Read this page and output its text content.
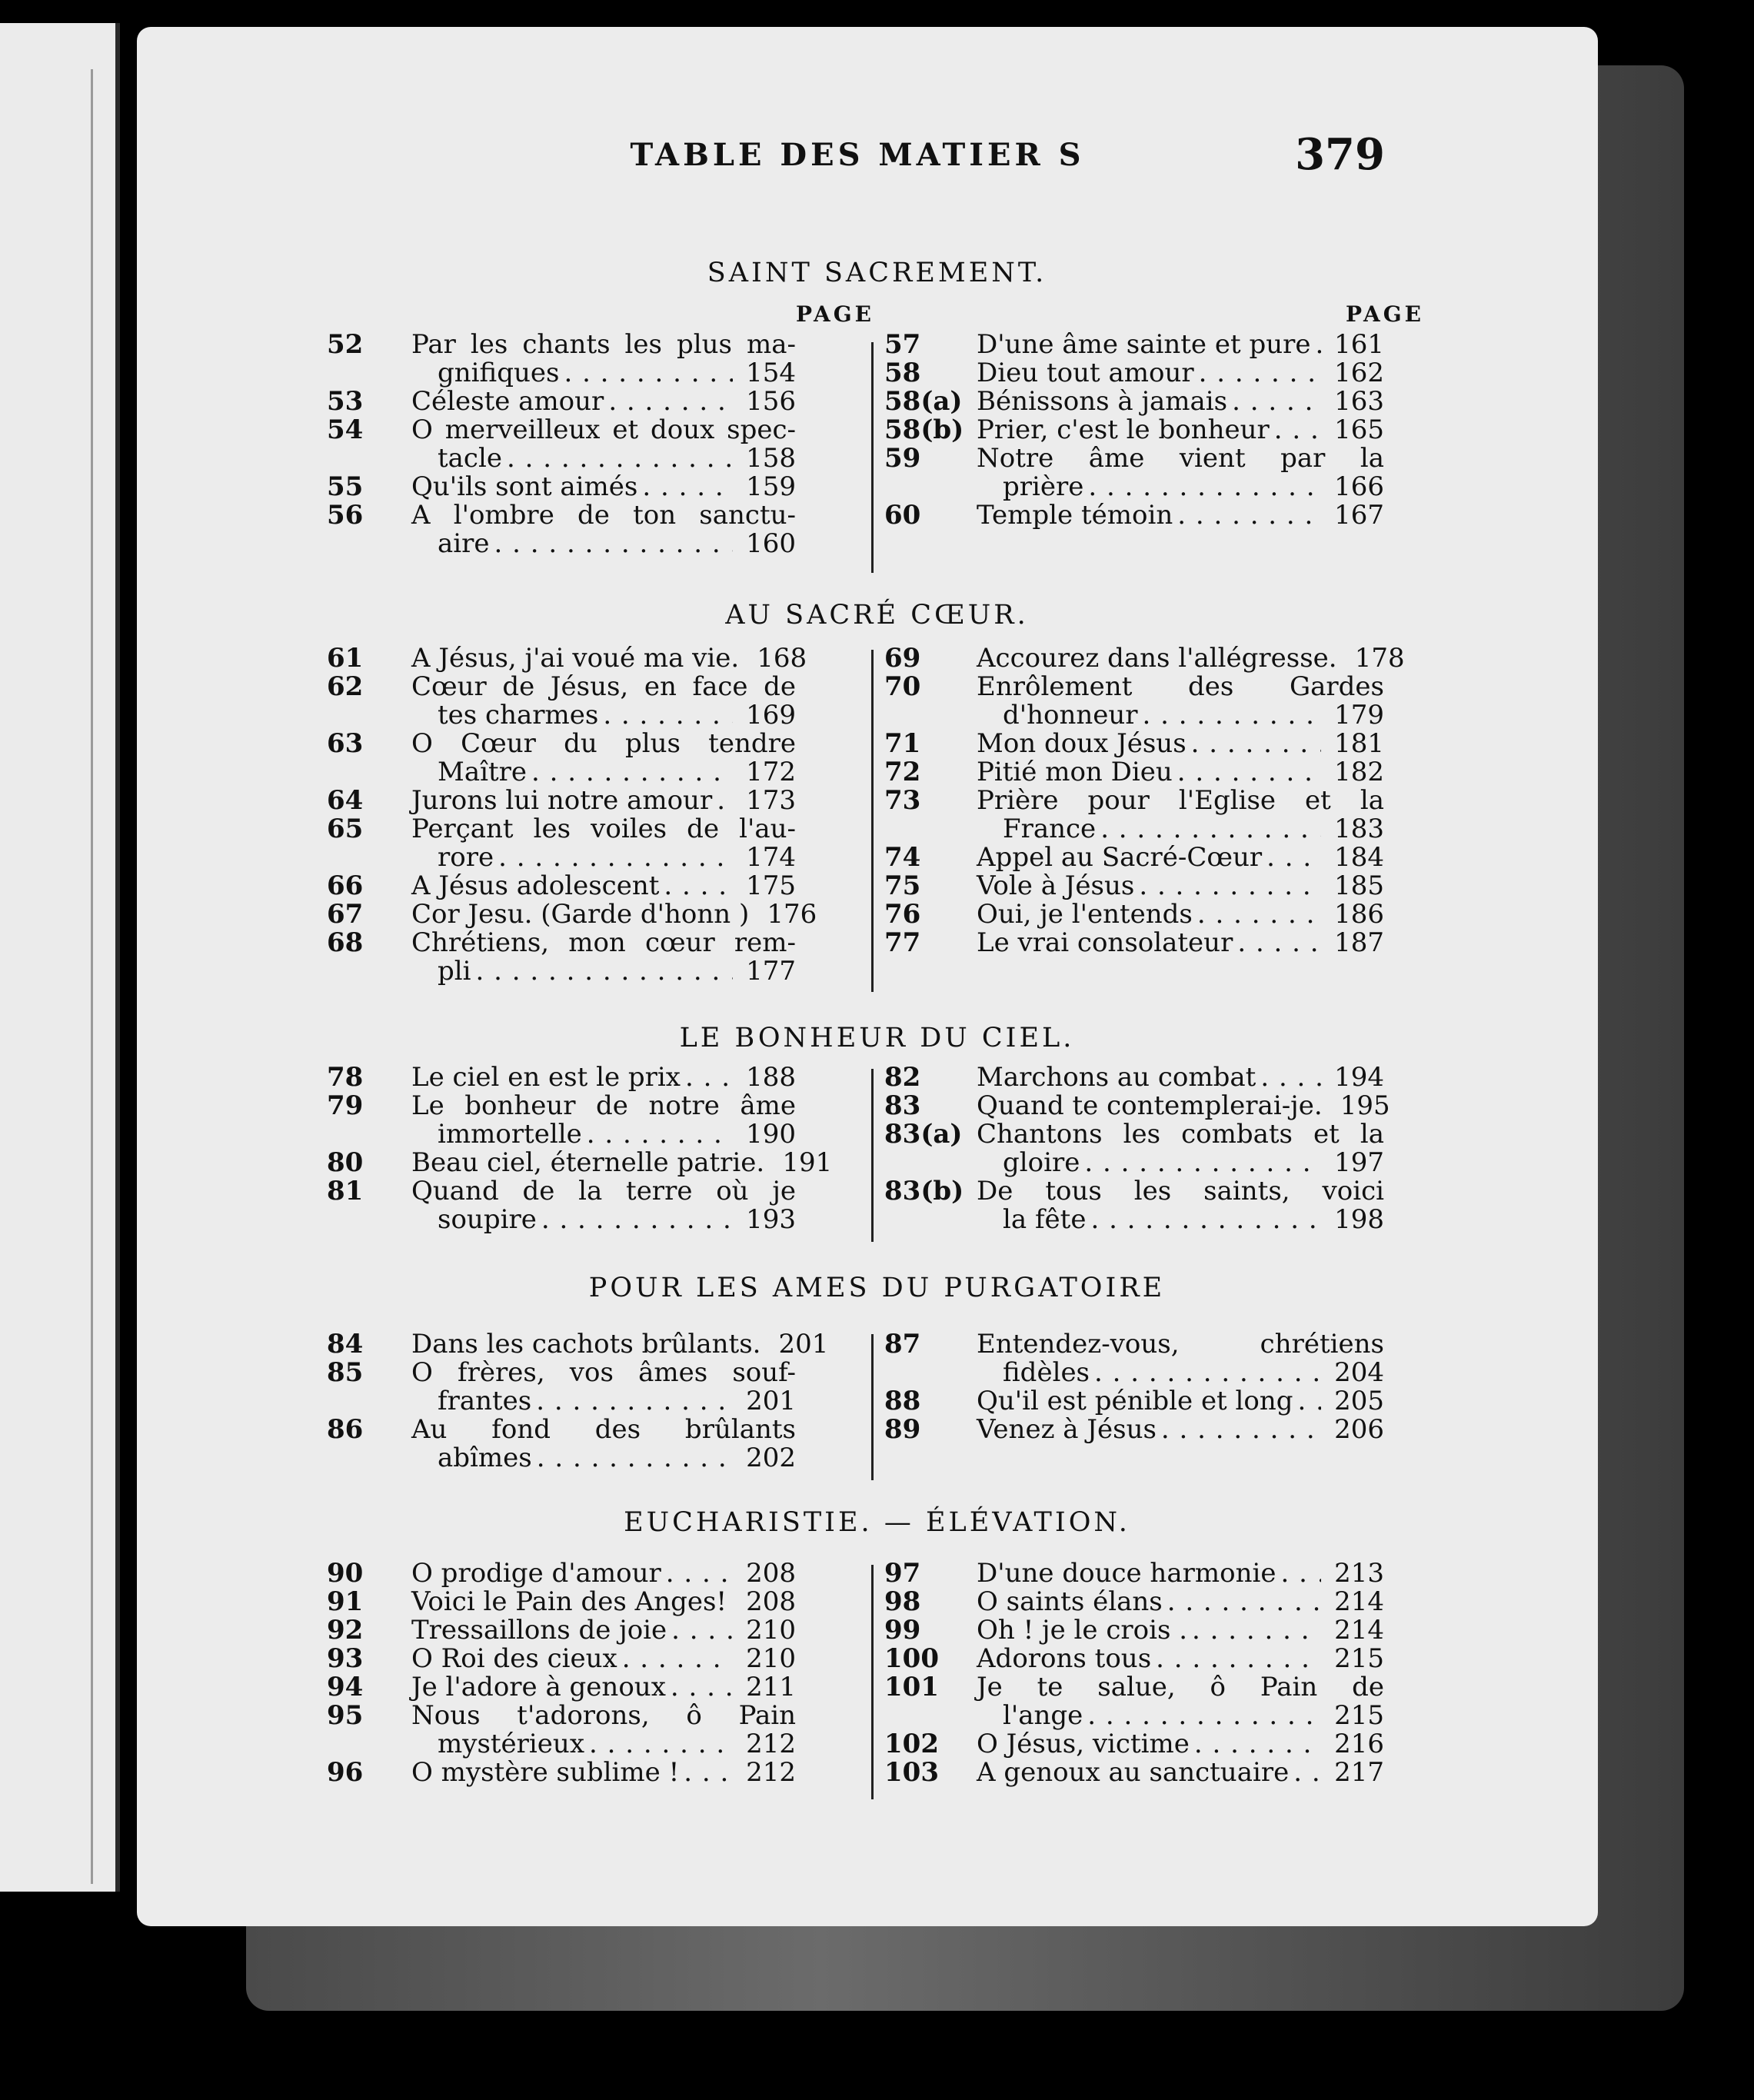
TABLE DES MATIER S	379
SAINT SACREMENT.
PAGE	PAGE
52 Par les chants les plus ma-
gnifiques . . .	154
53 Céleste amour . . .	156
54 O merveilleux et doux spec-
tacle . . .	158
55 Qu'ils sont aimés . . .	159
56 A l'ombre de ton sanctu-
aire . . .	160
57 D'une âme sainte et pure . . . 161
58 Dieu tout amour . . .	162
58(a) Bénissons à jamais . . .	163
58(b) Prier, c'est le bonheur . . .	165
59 Notre âme vient par la
prière . . .	166
60 Temple témoin . . .	167
AU SACRÉ CŒUR.
61 A Jésus, j'ai voué ma vie. 168
62 Cœur de Jésus, en face de
tes charmes . . .	169
63 O Cœur du plus tendre
Maître . . .	172
64 Jurons lui notre amour . . .	173
65 Perçant les voiles de l'au-
rore . . .	174
66 A Jésus adolescent . . .	175
67 Cor Jesu. (Garde d'honn ) 176
68 Chrétiens, mon cœur rem-
pli . . .	177
69 Accourez dans l'allégresse. 178
70 Enrôlement des Gardes
d'honneur . . .	179
71 Mon doux Jésus . . .	181
72 Pitié mon Dieu . . .	182
73 Prière pour l'Eglise et la
France . . .	183
74 Appel au Sacré-Cœur . . .	184
75 Vole à Jésus . . .	185
76 Oui, je l'entends . . .	186
77 Le vrai consolateur . . .	187
LE BONHEUR DU CIEL.
78 Le ciel en est le prix . . .	188
79 Le bonheur de notre âme
immortelle . . .	190
80 Beau ciel, éternelle patrie. 191
81 Quand de la terre où je
soupire . . .	193
82 Marchons au combat . . .	194
83 Quand te contemplerai-je. 195
83(a) Chantons les combats et la
gloire . . .	197
83(b) De tous les saints, voici
la fête . . .	198
POUR LES AMES DU PURGATOIRE
84 Dans les cachots brûlants. 201
85 O frères, vos âmes souf-
frantes . . .	201
86 Au fond des brûlants
abîmes . . .	202
87 Entendez-vous, chrétiens
fidèles . . .	204
88 Qu'il est pénible et long . . .	205
89 Venez à Jésus . . .	206
EUCHARISTIE. — ÉLÉVATION.
90 O prodige d'amour . . .	208
91 Voici le Pain des Anges! . . . 208
92 Tressaillons de joie . . .	210
93 O Roi des cieux . . .	210
94 Je l'adore à genoux . . .	211
95 Nous t'adorons, ô Pain
mystérieux . . .	212
96 O mystère sublime ! . . .	212
97 D'une douce harmonie . . .	213
98 O saints élans . . .	214
99 Oh ! je le crois . . . .	214
100 Adorons tous . . .	215
101 Je te salue, ô Pain de
l'ange . . .	215
102 O Jésus, victime . . .	216
103 A genoux au sanctuaire . . .	217
